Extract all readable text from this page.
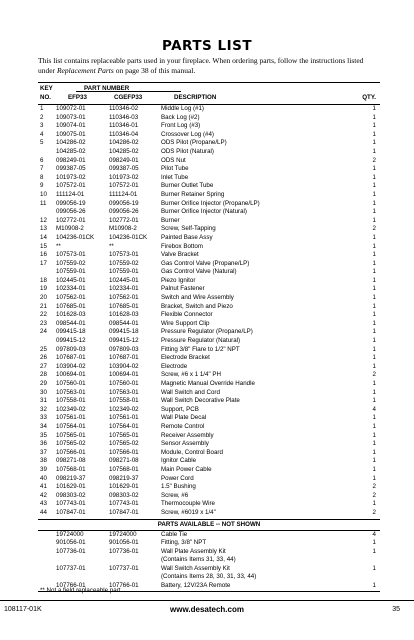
PARTS LIST
This list contains replaceable parts used in your fireplace. When ordering parts, follow the instructions listed under Replacement Parts on page 38 of this manual.
KEY
NO.
PART NUMBER
EFP33	CGEFP33	DESCRIPTION	QTY.
1 109072-01	110346-02	Middle Log (#1)	1
2 109073-01	110346-03	Back Log (#2)	1
3 109074-01	110346-01	Front Log (#3)	1
4 109075-01	110346-04	Crossover Log (#4)	1
5 104286-02	104286-02	ODS Pilot (Propane/LP)	1
104285-02	104285-02	ODS Pilot (Natural)	1
6 098249-01	098249-01	ODS Nut	2
7 099387-05	099387-05	Pilot Tube	1
8 101973-02	101973-02	Inlet Tube	1
9 107572-01	107572-01	Burner Outlet Tube	1
10 111124-01	111124-01	Burner Retainer Spring	1
11 099056-19	099056-19	Burner Orifice Injector (Propane/LP)	1
099056-26	099056-26	Burner Orifice Injector (Natural)	1
12 102772-01	102772-01	Burner	1
13 M10908-2	M10908-2	Screw, Self-Tapping	2
14 104236-01CK 104236-01CK Painted Base Assy	1
15 **	**	Firebox Bottom	1
16 107573-01	107573-01	Valve Bracket	1
17 107559-02	107559-02	Gas Control Valve (Propane/LP)	1
107559-01	107559-01	Gas Control Valve (Natural)	1
18 102445-01	102445-01	Piezo Ignitor	1
19 102334-01	102334-01	Palnut Fastener	1
20 107562-01	107562-01	Switch and Wire Assembly	1
21 107685-01	107685-01	Bracket, Switch and Piezo	1
22 101628-03	101628-03	Flexible Connector	1
23 098544-01	098544-01	Wire Support Clip	1
24 099415-18	099415-18	Pressure Regulator (Propane/LP)	1
099415-12	099415-12	Pressure Regulator (Natural)	1
25 097809-03	097809-03	Fitting 3/8" Flare to 1/2" NPT	1
26 107687-01	107687-01	Electrode Bracket	1
27 103904-02	103904-02	Electrode	1
28 100694-01	100694-01	Screw, #6 x 1 1/4" PH	2
29 107560-01	107560-01	Magnetic Manual Override Handle	1
30 107563-01	107563-01	Wall Switch and Cord	1
31 107558-01	107558-01	Wall Switch Decorative Plate	1
32 102349-02	102349-02	Support, PCB	4
33 107561-01	107561-01	Wall Plate Decal	1
34 107564-01	107564-01	Remote Control	1
35 107565-01	107565-01	Receiver Assembly	1
36 107565-02	107565-02	Sensor Assembly	1
37 107566-01	107566-01	Module, Control Board	1
38 098271-08	098271-08	Ignitor Cable	1
39 107568-01	107568-01	Main Power Cable	1
40 098219-37	098219-37	Power Cord	1
41 101629-01	101629-01	1.5" Bushing	2
42 098303-02	098303-02	Screw, #6	2
43 107743-01	107743-01	Thermocouple Wire	1
44 107847-01	107847-01	Screw, #6019 x 1/4"	2
PARTS AVAILABLE -- NOT SHOWN
19724000	19724000	Cable Tie	4
901056-01	901056-01	Fitting, 3/8" NPT	1
107736-01	107736-01	Wall Plate Assembly Kit	1
(Contains Items 31, 33, 44)
107737-01	107737-01	Wall Switch Assembly Kit	1
(Contains Items 28, 30, 31, 33, 44)
107766-01	107766-01	Battery, 12V/23A Remote	1
** Not a field replaceable part.
108117-01K	www.desatech.com	35
